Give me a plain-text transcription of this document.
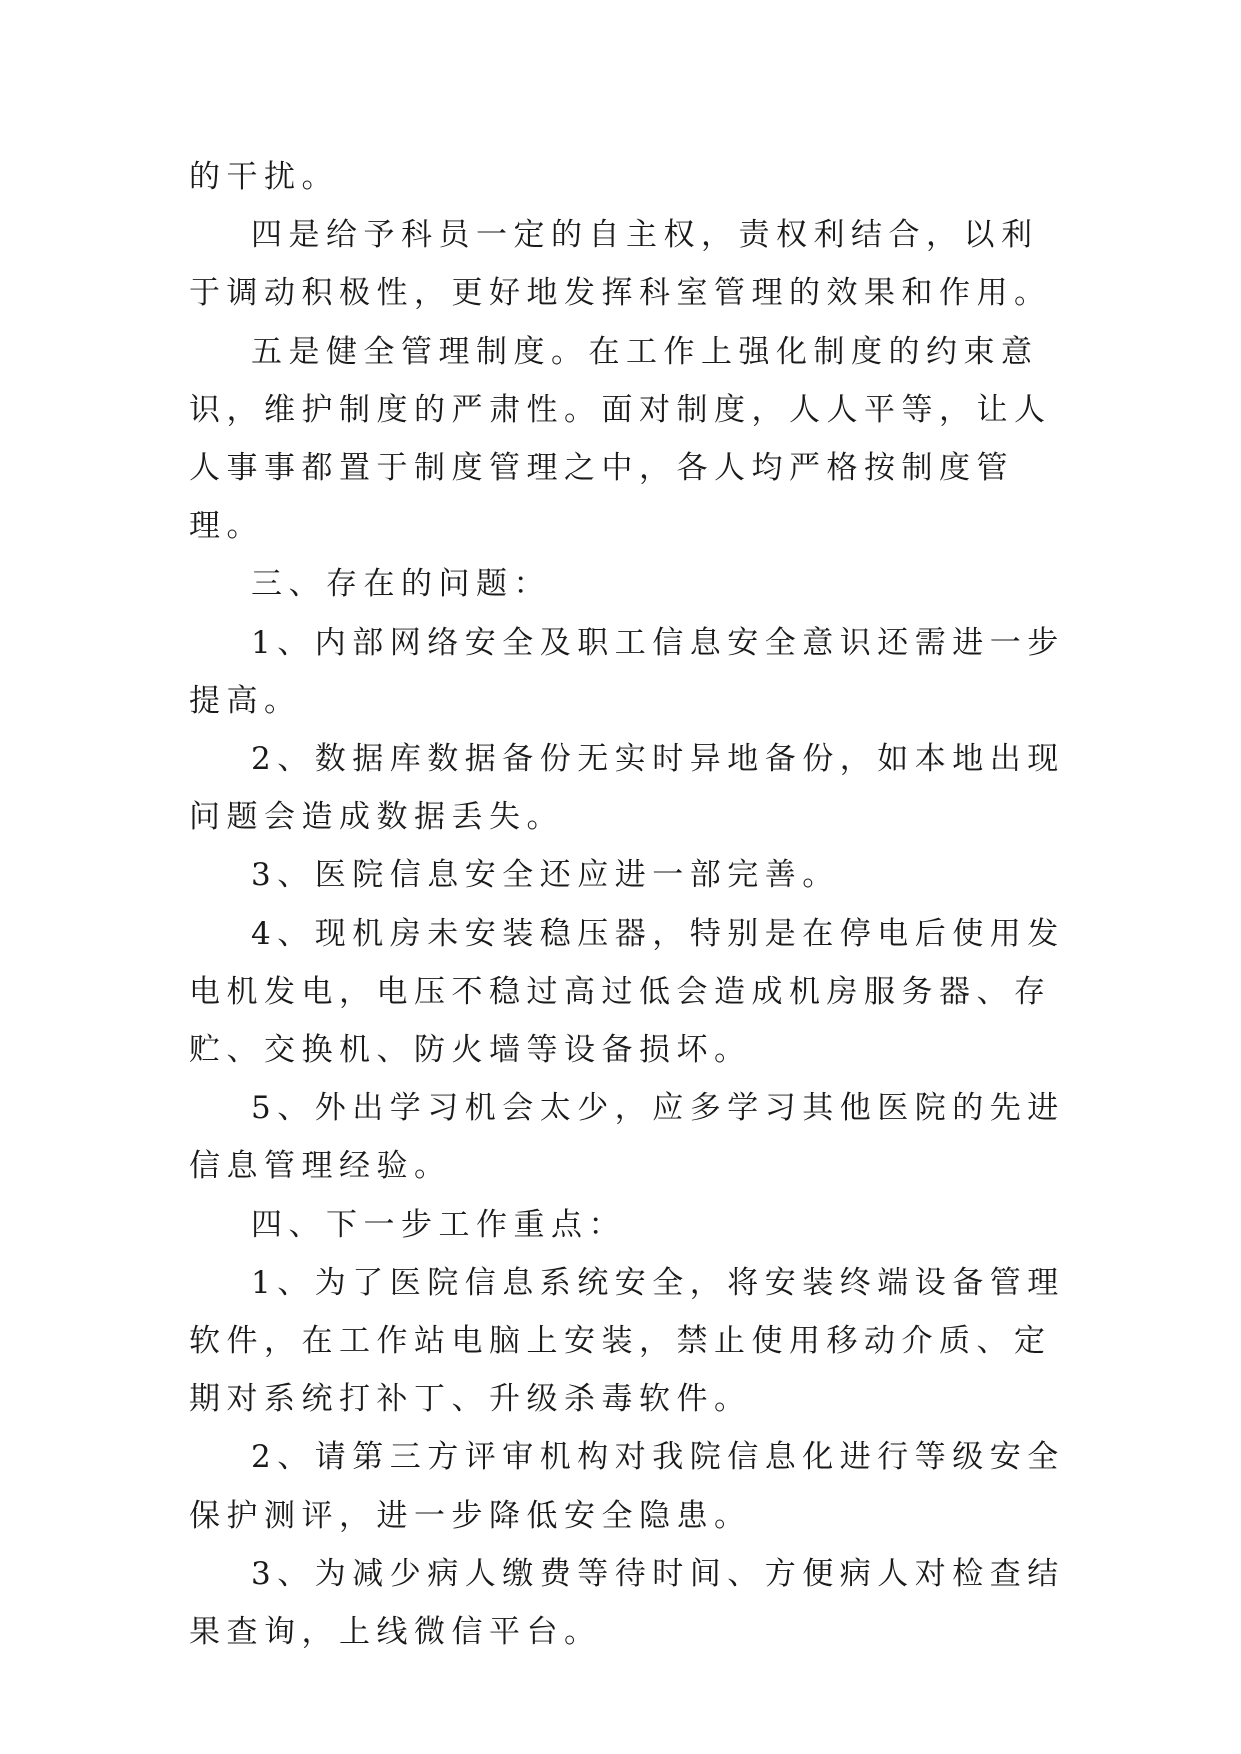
的干扰。

四是给予科员一定的自主权，责权利结合，以利于调动积极性，更好地发挥科室管理的效果和作用。

五是健全管理制度。在工作上强化制度的约束意识，维护制度的严肃性。面对制度，人人平等，让人人事事都置于制度管理之中，各人均严格按制度管理。

三、存在的问题：

1、内部网络安全及职工信息安全意识还需进一步提高。

2、数据库数据备份无实时异地备份，如本地出现问题会造成数据丢失。

3、医院信息安全还应进一部完善。

4、现机房未安装稳压器，特别是在停电后使用发电机发电，电压不稳过高过低会造成机房服务器、存贮、交换机、防火墙等设备损坏。

5、外出学习机会太少，应多学习其他医院的先进信息管理经验。

四、下一步工作重点：

1、为了医院信息系统安全，将安装终端设备管理软件，在工作站电脑上安装，禁止使用移动介质、定期对系统打补丁、升级杀毒软件。

2、请第三方评审机构对我院信息化进行等级安全保护测评，进一步降低安全隐患。

3、为减少病人缴费等待时间、方便病人对检查结果查询，上线微信平台。
